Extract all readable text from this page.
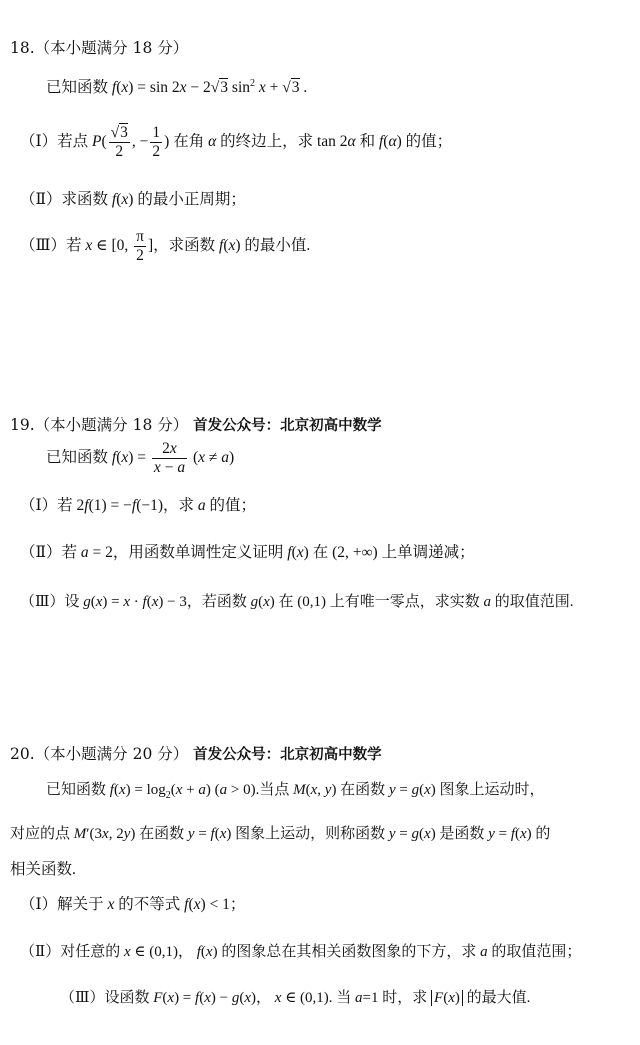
18.（本小题满分 18 分）
已知函数 f(x) = sin 2x − 2√3 $\sin^2 x + √3$ .
（Ⅰ）若点 $P( \frac{√3}{2}$ , − $\frac{1}{2}$ ) 在角 α 的终边上，求 tan 2α 和 f(α) 的值；
（Ⅱ）求函数 f(x) 的最小正周期；
（Ⅲ）若 x ∈ [0, $\frac{\pi}{2}$ ]，求函数 f(x) 的最小值.
19.（本小题满分 18 分） 首发公众号：北京初高中数学
已知函数 $f(x) = \frac{2x}{x - a} (x \ne a)$
（Ⅰ）若 2f(1) = −f(−1)，求 a 的值；
（Ⅱ）若 a = 2，用函数单调性定义证明 f(x) 在 (2, +∞) 上单调递减；
（Ⅲ）设 g(x) = x · f(x) − 3，若函数 g(x) 在 (0,1) 上有唯一零点，求实数 a 的取值范围.
20.（本小题满分 20 分） 首发公众号：北京初高中数学
已知函数 $f(x) = \log_2(x + a) (a > 0)$.当点 M(x, y) 在函数 y = g(x) 图象上运动时，
对应的点 M′(3x, 2y) 在函数 y = f(x) 图象上运动，则称函数 y = g(x) 是函数 y = f(x) 的
相关函数.
（Ⅰ）解关于 x 的不等式 f(x) < 1；
（Ⅱ）对任意的 x ∈ (0,1)， f(x) 的图象总在其相关函数图象的下方，求 a 的取值范围；
（Ⅲ）设函数 F(x) = f(x) − g(x)， x ∈ (0,1). 当 a=1 时，求 F(x) 的最大值.
